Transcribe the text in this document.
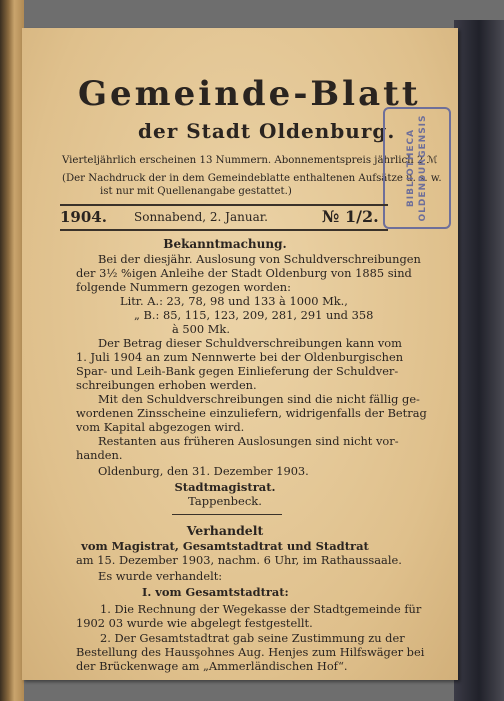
Gemeinde-Blatt
der Stadt Oldenburg.
Vierteljährlich erscheinen 13 Nummern. Abonnementspreis jährlich 2 ℳ
(Der Nachdruck der in dem Gemeindeblatte enthaltenen Aufsätze u. s. w.
ist nur mit Quellenangabe gestattet.)	BIBLIOTHECA OLDENBURGENSIS
1904. Sonnabend, 2. Januar.	№ 1/2.
Bekanntmachung.
Bei der diesjähr. Auslosung von Schuldverschreibungen
der 3½ %igen Anleihe der Stadt Oldenburg von 1885 sind
folgende Nummern gezogen worden:
Litr. A.: 23, 78, 98 und 133 à 1000 Mk.,
„ B.: 85, 115, 123, 209, 281, 291 und 358
à 500 Mk.
Der Betrag dieser Schuldverschreibungen kann vom
1. Juli 1904 an zum Nennwerte bei der Oldenburgischen
Spar- und Leih-Bank gegen Einlieferung der Schuldver-
schreibungen erhoben werden.
Mit den Schuldverschreibungen sind die nicht fällig ge-
wordenen Zinsscheine einzuliefern, widrigenfalls der Betrag
vom Kapital abgezogen wird.
Restanten aus früheren Auslosungen sind nicht vor-
handen.
Oldenburg, den 31. Dezember 1903.
Stadtmagistrat.
Tappenbeck.
Verhandelt
vom Magistrat, Gesamtstadtrat und Stadtrat
am 15. Dezember 1903, nachm. 6 Uhr, im Rathaussaale.
Es wurde verhandelt:
I. vom Gesamtstadtrat:
1. Die Rechnung der Wegekasse der Stadtgemeinde für
1902 03 wurde wie abgelegt festgestellt.
2. Der Gesamtstadtrat gab seine Zustimmung zu der
Bestellung des Hausşohnes Aug. Henjes zum Hilfswäger bei
der Brückenwage am „Ammerländischen Hof“.
